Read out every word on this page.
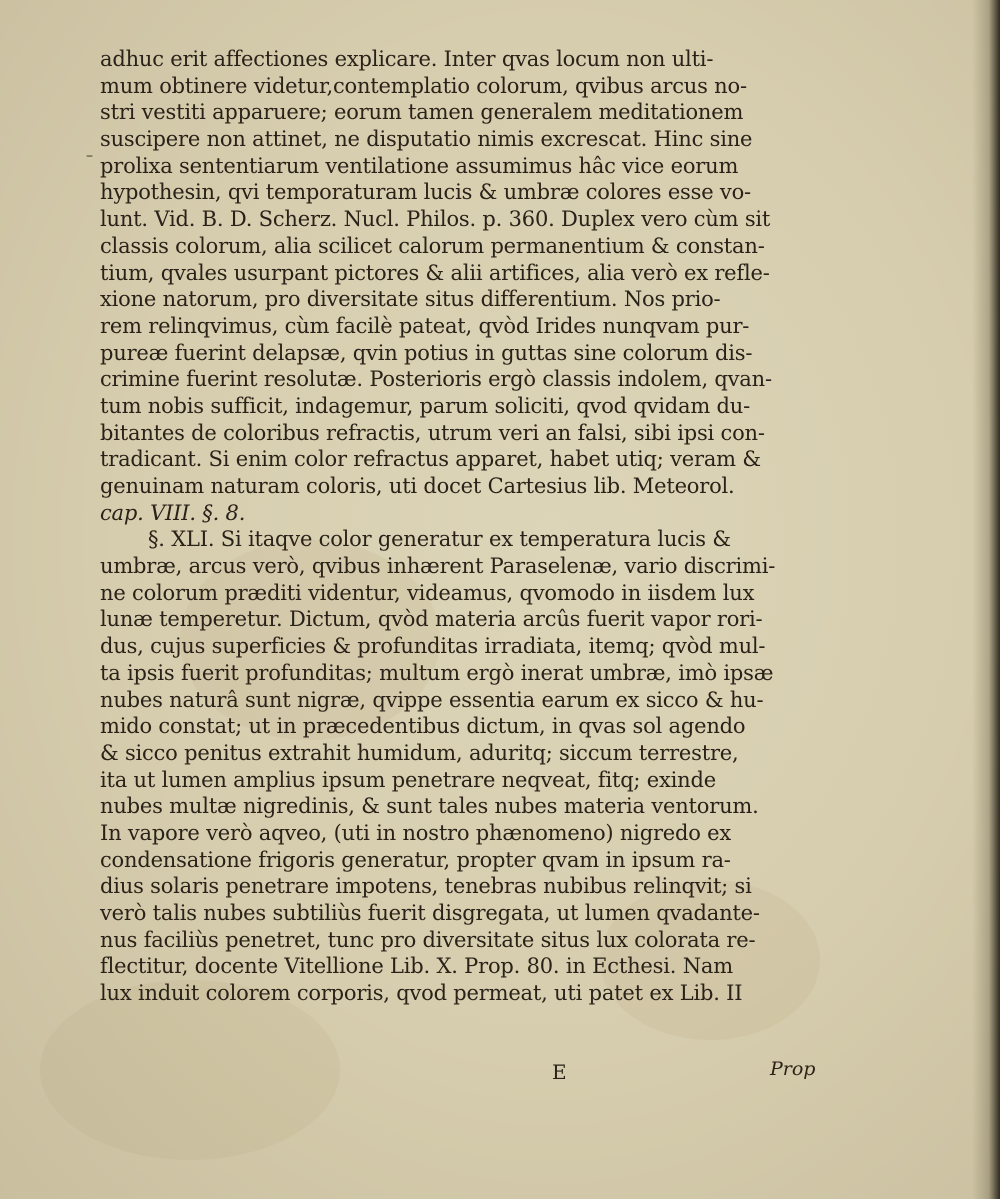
–
adhuc erit affectiones explicare. Inter qvas locum non ulti-
mum obtinere videtur,contemplatio colorum, qvibus arcus no-
stri vestiti apparuere; eorum tamen generalem meditationem
suscipere non attinet, ne disputatio nimis excrescat. Hinc sine
prolixa sententiarum ventilatione assumimus hâc vice eorum
hypothesin, qvi temporaturam lucis & umbræ colores esse vo-
lunt. Vid. B. D. Scherz. Nucl. Philos. p. 360. Duplex vero cùm sit
classis colorum, alia scilicet calorum permanentium & constan-
tium, qvales usurpant pictores & alii artifices, alia verò ex refle-
xione natorum, pro diversitate situs differentium. Nos prio-
rem relinqvimus, cùm facilè pateat, qvòd Irides nunqvam pur-
pureæ fuerint delapsæ, qvin potius in guttas sine colorum dis-
crimine fuerint resolutæ. Posterioris ergò classis indolem, qvan-
tum nobis sufficit, indagemur, parum soliciti, qvod qvidam du-
bitantes de coloribus refractis, utrum veri an falsi, sibi ipsi con-
tradicant. Si enim color refractus apparet, habet utiq; veram &
genuinam naturam coloris, uti docet Cartesius lib. Meteorol.
cap. VIII. §. 8.
§. XLI. Si itaqve color generatur ex temperatura lucis &
umbræ, arcus verò, qvibus inhærent Paraselenæ, vario discrimi-
ne colorum præditi videntur, videamus, qvomodo in iisdem lux
lunæ temperetur. Dictum, qvòd materia arcûs fuerit vapor rori-
dus, cujus superficies & profunditas irradiata, itemq; qvòd mul-
ta ipsis fuerit profunditas; multum ergò inerat umbræ, imò ipsæ
nubes naturâ sunt nigræ, qvippe essentia earum ex sicco & hu-
mido constat; ut in præcedentibus dictum, in qvas sol agendo
& sicco penitus extrahit humidum, aduritq; siccum terrestre,
ita ut lumen amplius ipsum penetrare neqveat, fitq; exinde
nubes multæ nigredinis, & sunt tales nubes materia ventorum.
In vapore verò aqveo, (uti in nostro phænomeno) nigredo ex
condensatione frigoris generatur, propter qvam in ipsum ra-
dius solaris penetrare impotens, tenebras nubibus relinqvit; si
verò talis nubes subtiliùs fuerit disgregata, ut lumen qvadante-
nus faciliùs penetret, tunc pro diversitate situs lux colorata re-
flectitur, docente Vitellione Lib. X. Prop. 80. in Ecthesi. Nam
lux induit colorem corporis, qvod permeat, uti patet ex Lib. II
E	Prop
